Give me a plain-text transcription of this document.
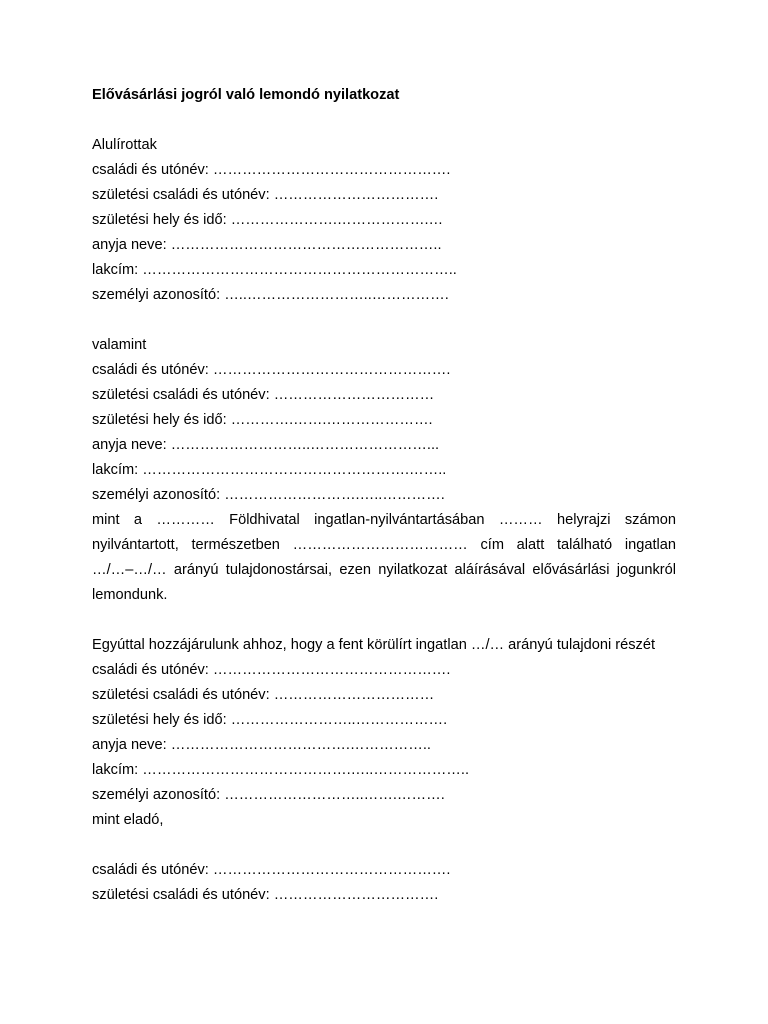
Elővásárlási jogról való lemondó nyilatkozat

Alulírottak

családi és utónév: ………………………………………….

születési családi és utónév: …………………………….

születési hely és idő: ………………….……………….…

anyja neve: ………………………………………………..

lakcím: ………………………………………………………..

személyi azonosító: …..……………………..…………….

valamint

családi és utónév: ………………………………………….

születési családi és utónév: ……………………………

születési hely és idő: ………….…….………………….

anyja neve: ………………………..……………………...

lakcím: ……………………………………………….……..

személyi azonosító: ……………………….…..………….

mint a ………… Földhivatal ingatlan-nyilvántartásában ……… helyrajzi számon nyilvántartott, természetben ……………………………… cím alatt található ingatlan …/…–…/… arányú tulajdonostársai, ezen nyilatkozat aláírásával elővásárlási jogunkról lemondunk.

Egyúttal hozzájárulunk ahhoz, hogy a fent körülírt ingatlan …/… arányú tulajdoni részét

családi és utónév: ………………………………………….

születési családi és utónév: ……………………………

születési hely és idő: ……………………..……………….

anyja neve: ……………………………….……………..

lakcím: …………………………………….…..………………..

személyi azonosító: ………………………..…….……….

mint eladó,

családi és utónév: ………………………………………….

születési családi és utónév: …………………………….
